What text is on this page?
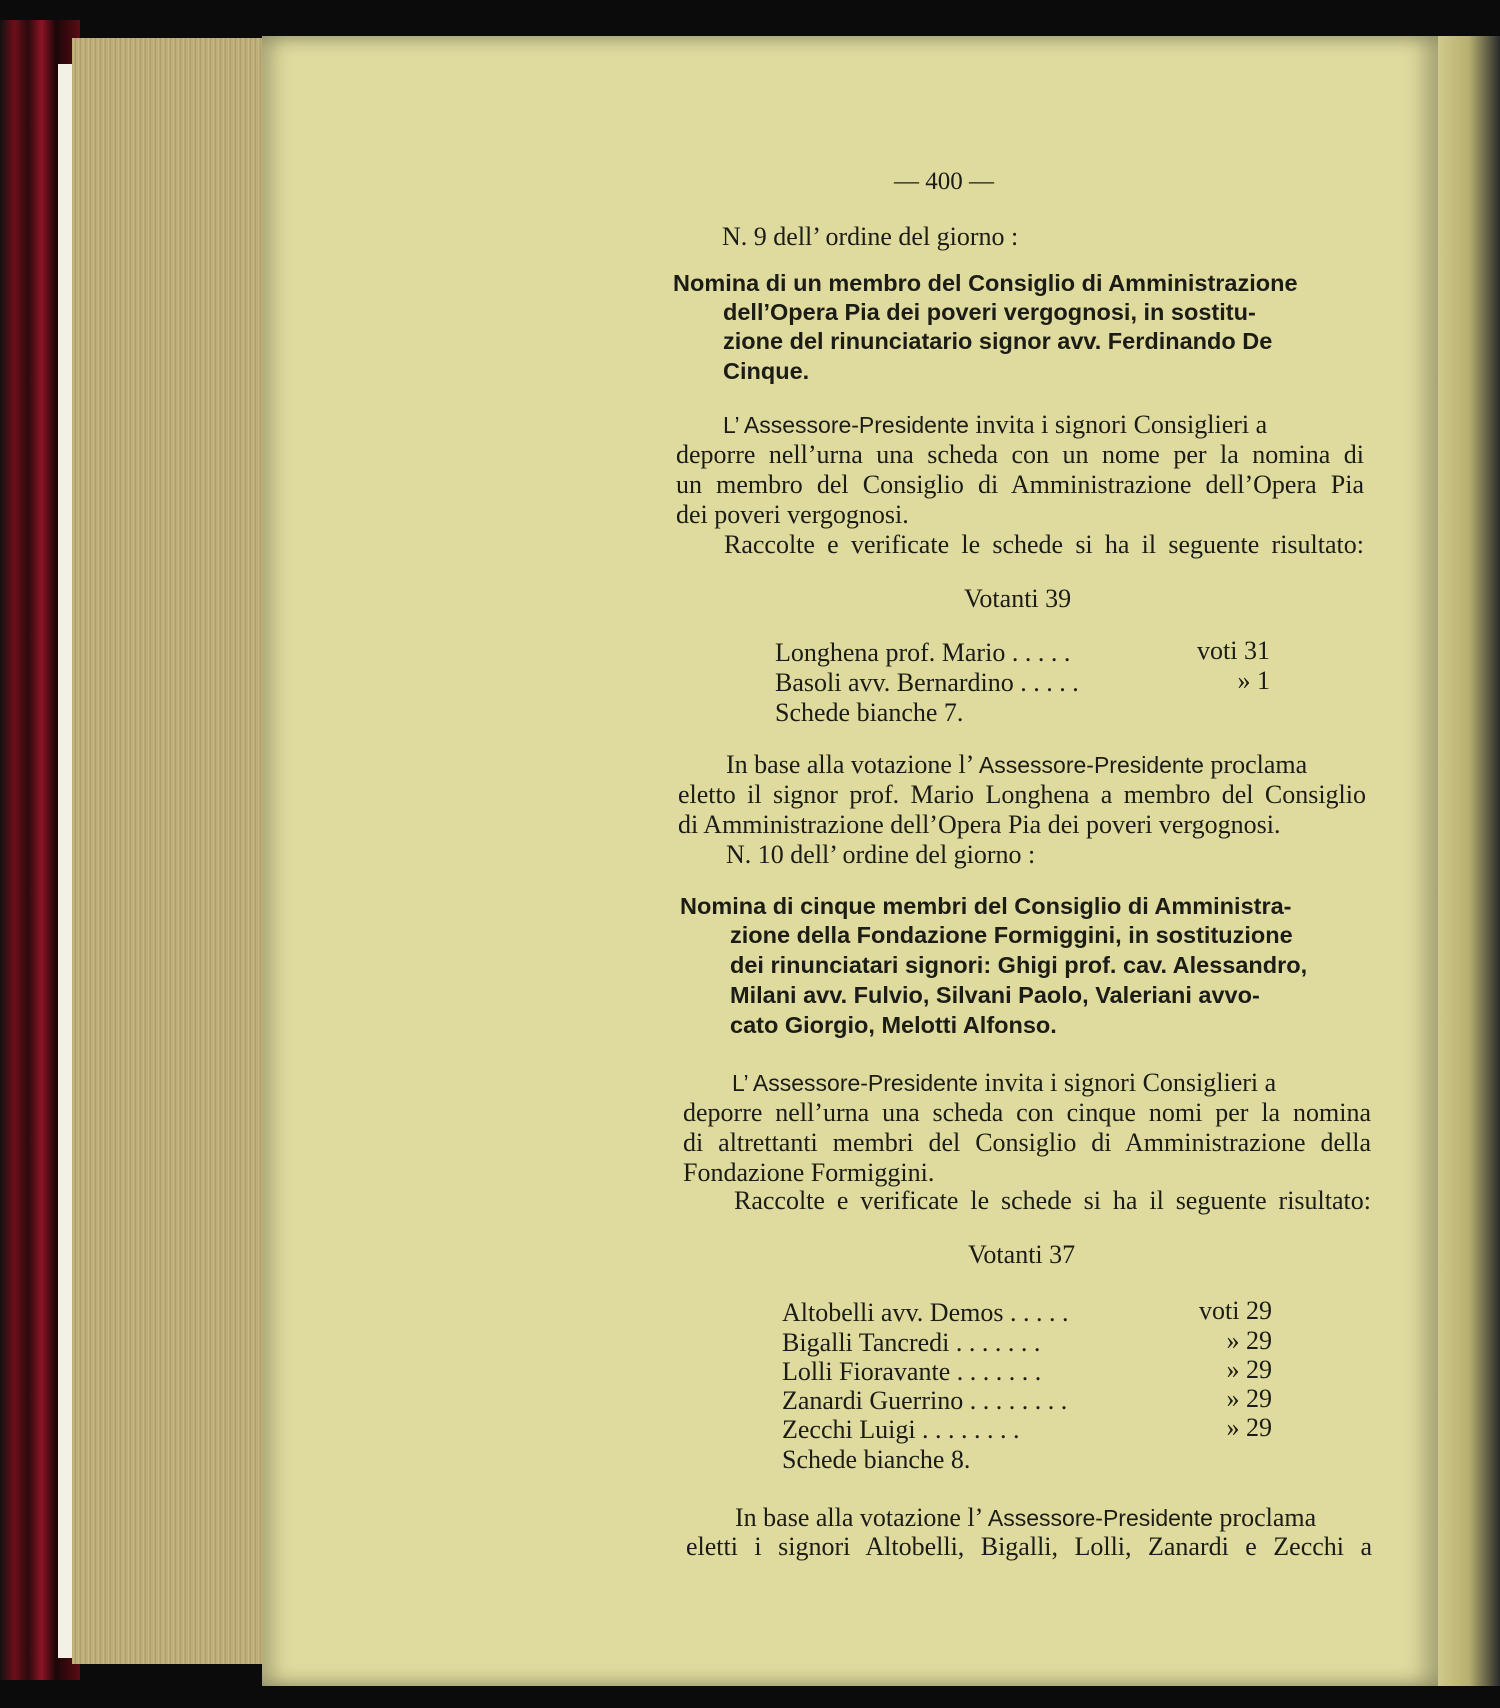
— 400 —
N. 9 dell’ ordine del giorno :
Nomina di un membro del Consiglio di Amministrazione
dell’Opera Pia dei poveri vergognosi, in sostitu-
zione del rinunciatario signor avv. Ferdinando De
Cinque.
L’ Assessore-Presidente invita i signori Consiglieri a
deporre nell’urna una scheda con un nome per la nomina di
un membro del Consiglio di Amministrazione dell’Opera Pia
dei poveri vergognosi.
Raccolte e verificate le schede si ha il seguente risultato:
Votanti 39
Longhena prof. Mario . . . . .	voti 31
Basoli avv. Bernardino . . . . .	» 1
Schede bianche 7.
In base alla votazione l’ Assessore-Presidente proclama
eletto il signor prof. Mario Longhena a membro del Consiglio
di Amministrazione dell’Opera Pia dei poveri vergognosi.
N. 10 dell’ ordine del giorno :
Nomina di cinque membri del Consiglio di Amministra-
zione della Fondazione Formiggini, in sostituzione
dei rinunciatari signori: Ghigi prof. cav. Alessandro,
Milani avv. Fulvio, Silvani Paolo, Valeriani avvo-
cato Giorgio, Melotti Alfonso.
L’ Assessore-Presidente invita i signori Consiglieri a
deporre nell’urna una scheda con cinque nomi per la nomina
di altrettanti membri del Consiglio di Amministrazione della
Fondazione Formiggini.
Raccolte e verificate le schede si ha il seguente risultato:
Votanti 37
Altobelli avv. Demos . . . . .	voti 29
Bigalli Tancredi . . . . . . .	» 29
Lolli Fioravante . . . . . . .	» 29
Zanardi Guerrino . . . . . . . .	» 29
Zecchi Luigi . . . . . . . .	» 29
Schede bianche 8.
In base alla votazione l’ Assessore-Presidente proclama
eletti i signori Altobelli, Bigalli, Lolli, Zanardi e Zecchi a
